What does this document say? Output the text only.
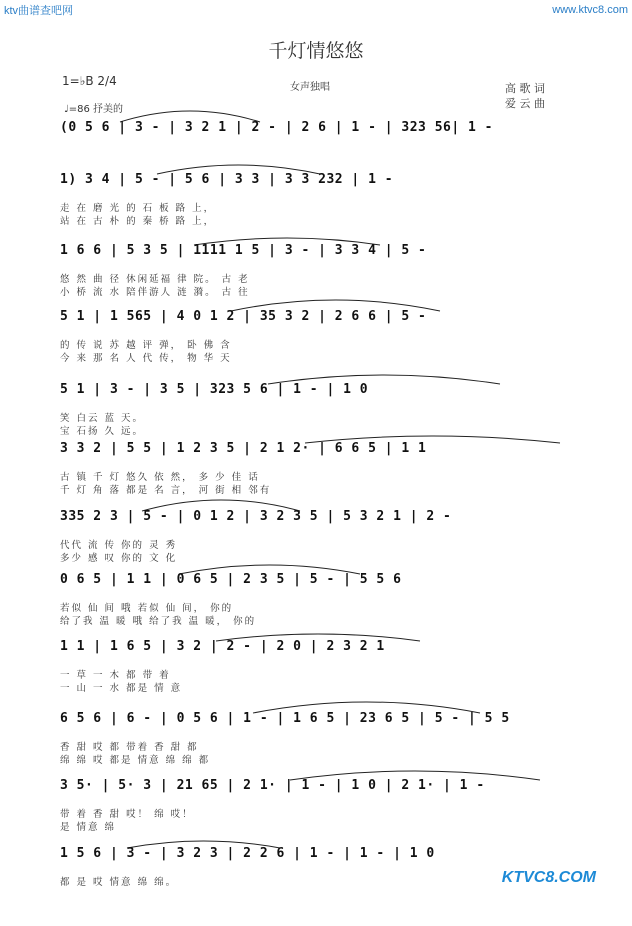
ktv曲谱查吧网	www.ktvc8.com
千灯情悠悠
1=♭B 2/4
♩=86 抒美的
女声独唱	高 歌 词
爱 云 曲
(0 5 6 | 3 - | 3 2 1 | 2 - | 2 6 | 1 - | 323 56| 1 -
1) 3 4 | 5 - | 5 6 | 3 3 | 3 3 232 | 1 -
走 在 磨 光 的 石 板 路 上，
站 在 古 朴 的 秦 桥 路 上，
1 6 6 | 5 3 5 | 1111 1 5 | 3 - | 3 3 4 | 5 -
悠 然 曲 径 休闲延福 律 院。 古 老
小 桥 流 水 陪伴游人 涟 漪。 古 往
5 1 | 1 565 | 4 0 1 2 | 35 3 2 | 2 6 6 | 5 -
的 传 说 苏 越 评 弹， 卧 佛 含
今 来 那 名 人 代 传， 物 华 天
5 1 | 3 - | 3 5 | 323 5 6 | 1 - | 1 0
笑 白云 蓝 天。
宝 石扬 久 远。
3 3 2 | 5 5 | 1 2 3 5 | 2 1 2· | 6 6 5 | 1 1
古 镇 千 灯 悠久 依 然， 多 少 佳 话
千 灯 角 落 都是 名 言， 河 街 相 邻有
335 2 3 | 5 - | 0 1 2 | 3 2 3 5 | 5 3 2 1 | 2 -
代代 流 传 你的 灵 秀
多少 感 叹 你的 文 化
0 6 5 | 1 1 | 0 6 5 | 2 3 5 | 5 - | 5 5 6
若似 仙 间 哦 若似 仙 间， 你的
给了我 温 暖 哦 给了我 温 暖， 你的
1 1 | 1 6 5 | 3 2 | 2 - | 2 0 | 2 3 2 1
一 草 一 木 都 带 着
一 山 一 水 都是 情 意
6 5 6 | 6 - | 0 5 6 | 1 - | 1 6 5 | 23 6 5 | 5 - | 5 5
香 甜 哎 都 带着 香 甜 都
绵 绵 哎 都是 情意 绵 绵 都
3 5· | 5· 3 | 21 65 | 2 1· | 1 - | 1 0 | 2 1· | 1 -
带 着 香 甜 哎！ 绵 哎！
是 情意 绵
1 5 6 | 3 - | 3 2 3 | 2 2 6 | 1 - | 1 - | 1 0
都 是 哎 情意 绵 绵。	KTVC8.COM
